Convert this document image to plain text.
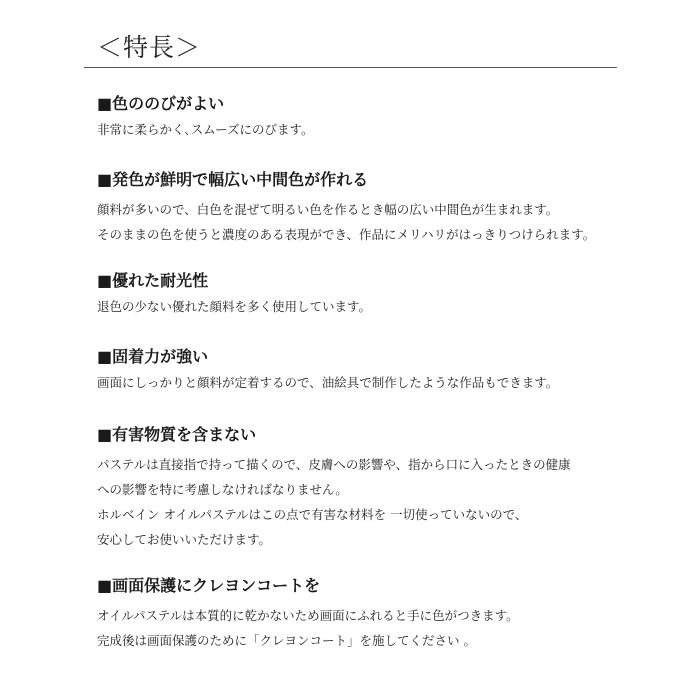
＜特長＞
■色ののびがよい
非常に柔らかく､スムーズにのびます。
■発色が鮮明で幅広い中間色が作れる
顔料が多いので、白色を混ぜて明るい色を作るとき幅の広い中間色が生まれます。
そのままの色を使うと濃度のある表現ができ、作品にメリハリがはっきりつけられます。
■優れた耐光性
退色の少ない優れた顔料を多く使用しています。
■固着力が強い
画面にしっかりと顔料が定着するので、油絵具で制作したような作品もできます。
■有害物質を含まない
パステルは直接指で持って描くので、皮膚への影響や、指から口に入ったときの健康
への影響を特に考慮しなければなりません。
ホルベイン オイルパステルはこの点で有害な材料を 一切使っていないので、
安心してお使いいただけます。
■画面保護にクレヨンコートを
オイルパステルは本質的に乾かないため画面にふれると手に色がつきます。
完成後は画面保護のために「クレヨンコート」を施してください 。
